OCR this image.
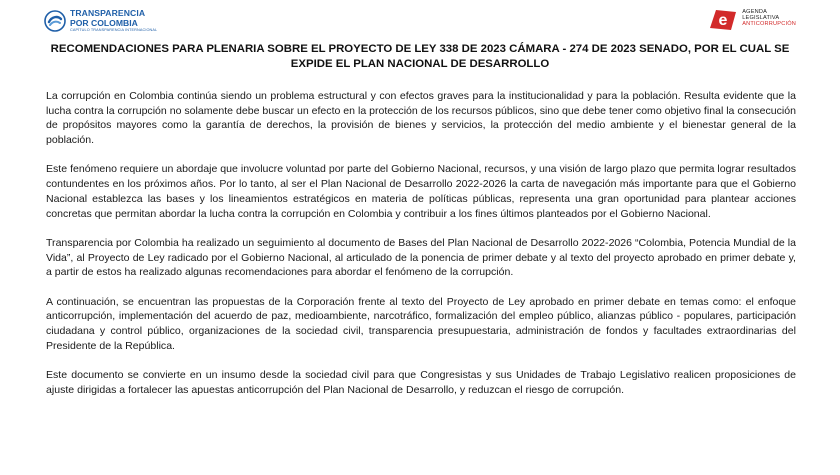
TRANSPARENCIA
POR COLOMBIA
CAPÍTULO TRANSPARENCIA INTERNACIONAL
e	AGENDA
LEGISLATIVA
ANTICORRUPCIÓN
RECOMENDACIONES PARA PLENARIA SOBRE EL PROYECTO DE LEY 338 DE 2023 CÁMARA - 274 DE 2023 SENADO, POR EL CUAL SE EXPIDE EL PLAN NACIONAL DE DESARROLLO

La corrupción en Colombia continúa siendo un problema estructural y con efectos graves para la institucionalidad y para la población. Resulta evidente que la lucha contra la corrupción no solamente debe buscar un efecto en la protección de los recursos públicos, sino que debe tener como objetivo final la consecución de propósitos mayores como la garantía de derechos, la provisión de bienes y servicios, la protección del medio ambiente y el bienestar general de la población.

Este fenómeno requiere un abordaje que involucre voluntad por parte del Gobierno Nacional, recursos, y una visión de largo plazo que permita lograr resultados contundentes en los próximos años. Por lo tanto, al ser el Plan Nacional de Desarrollo 2022-2026 la carta de navegación más importante para que el Gobierno Nacional establezca las bases y los lineamientos estratégicos en materia de políticas públicas, representa una gran oportunidad para plantear acciones concretas que permitan abordar la lucha contra la corrupción en Colombia y contribuir a los fines últimos planteados por el Gobierno Nacional.

Transparencia por Colombia ha realizado un seguimiento al documento de Bases del Plan Nacional de Desarrollo 2022-2026 “Colombia, Potencia Mundial de la Vida”, al Proyecto de Ley radicado por el Gobierno Nacional, al articulado de la ponencia de primer debate y al texto del proyecto aprobado en primer debate y, a partir de estos ha realizado algunas recomendaciones para abordar el fenómeno de la corrupción.

A continuación, se encuentran las propuestas de la Corporación frente al texto del Proyecto de Ley aprobado en primer debate en temas como: el enfoque anticorrupción, implementación del acuerdo de paz, medioambiente, narcotráfico, formalización del empleo público, alianzas público - populares, participación ciudadana y control público, organizaciones de la sociedad civil, transparencia presupuestaria, administración de fondos y facultades extraordinarias del Presidente de la República.

Este documento se convierte en un insumo desde la sociedad civil para que Congresistas y sus Unidades de Trabajo Legislativo realicen proposiciones de ajuste dirigidas a fortalecer las apuestas anticorrupción del Plan Nacional de Desarrollo, y reduzcan el riesgo de corrupción.
